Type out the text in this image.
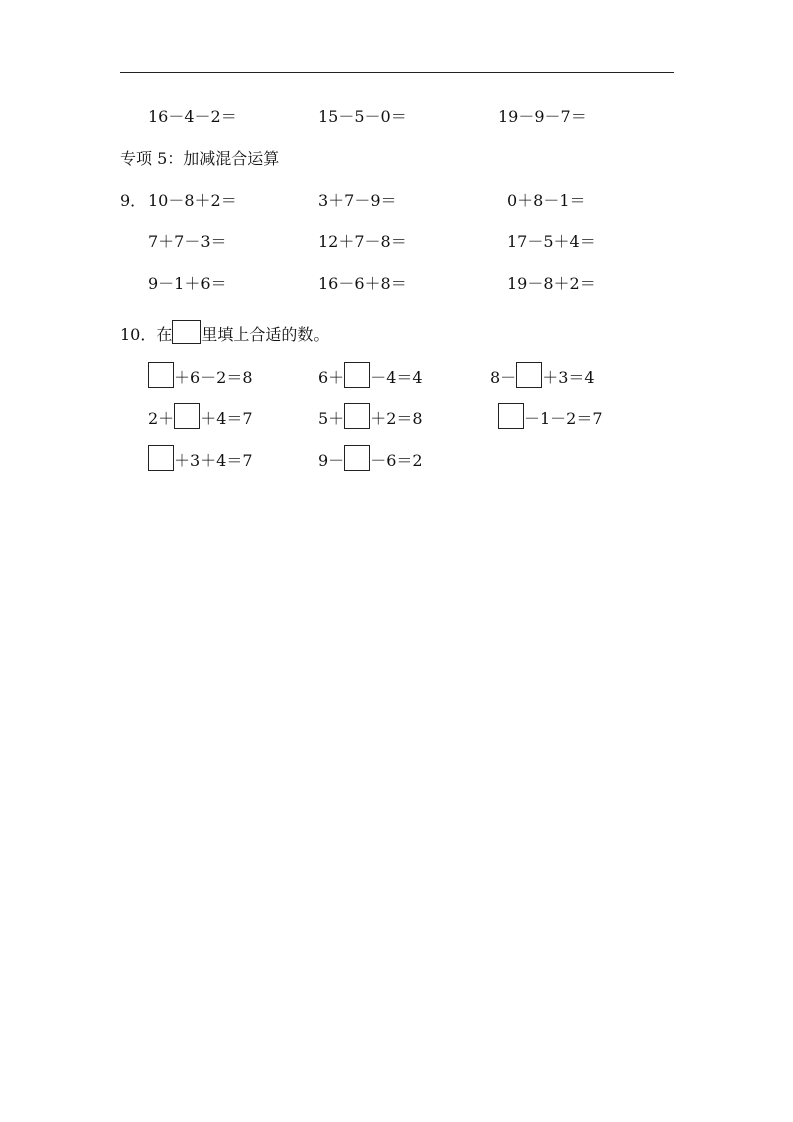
16－4－2＝	15－5－0＝	19－9－7＝
专项 5：加减混合运算
9． 10－8＋2＝	3＋7－9＝	0＋8－1＝
7＋7－3＝	12＋7－8＝	17－5＋4＝
9－1＋6＝	16－6＋8＝	19－8＋2＝
10．在 里填上合适的数。
＋6－2＝8	6＋ －4＝4	8－ ＋3＝4
2＋ ＋4＝7	5＋ ＋2＝8	－1－2＝7
＋3＋4＝7	9－ －6＝2
